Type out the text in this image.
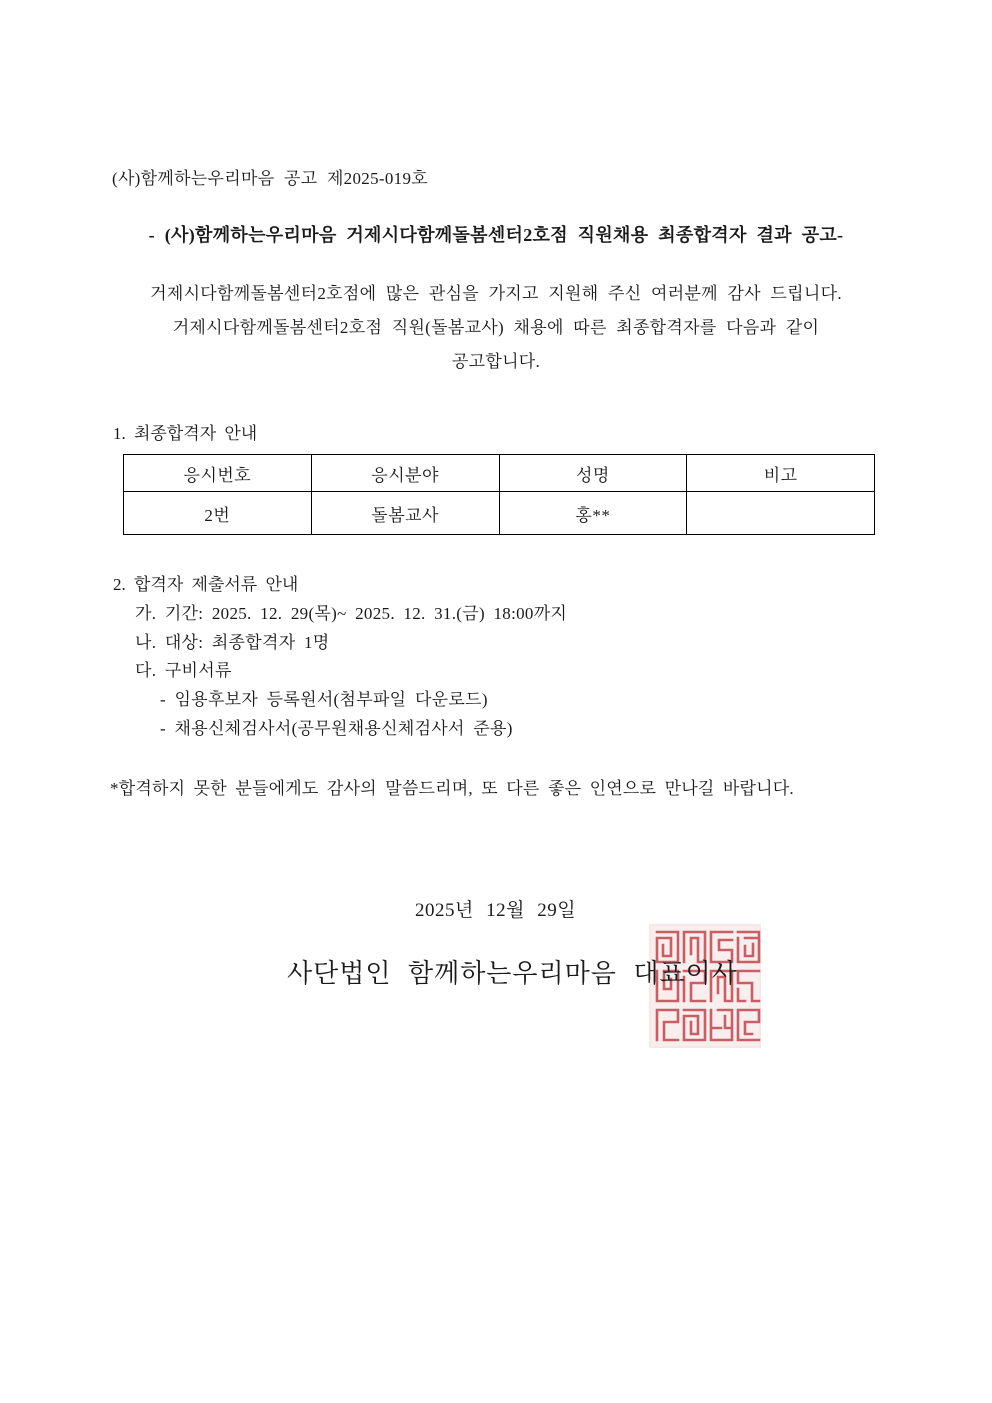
(사)함께하는우리마음 공고 제2025-019호
- (사)함께하는우리마음 거제시다함께돌봄센터2호점 직원채용 최종합격자 결과 공고-
거제시다함께돌봄센터2호점에 많은 관심을 가지고 지원해 주신 여러분께 감사 드립니다.
거제시다함께돌봄센터2호점 직원(돌봄교사) 채용에 따른 최종합격자를 다음과 같이
공고합니다.
1. 최종합격자 안내
응시번호	응시분야	성명	비고
2번	돌봄교사	홍**	
2. 합격자 제출서류 안내
가. 기간: 2025. 12. 29(목)~ 2025. 12. 31.(금) 18:00까지
나. 대상: 최종합격자 1명
다. 구비서류
- 임용후보자 등록원서(첨부파일 다운로드)
- 채용신체검사서(공무원채용신체검사서 준용)
*합격하지 못한 분들에게도 감사의 말씀드리며, 또 다른 좋은 인연으로 만나길 바랍니다.
2025년 12월 29일
사단법인 함께하는우리마음 대표이사
